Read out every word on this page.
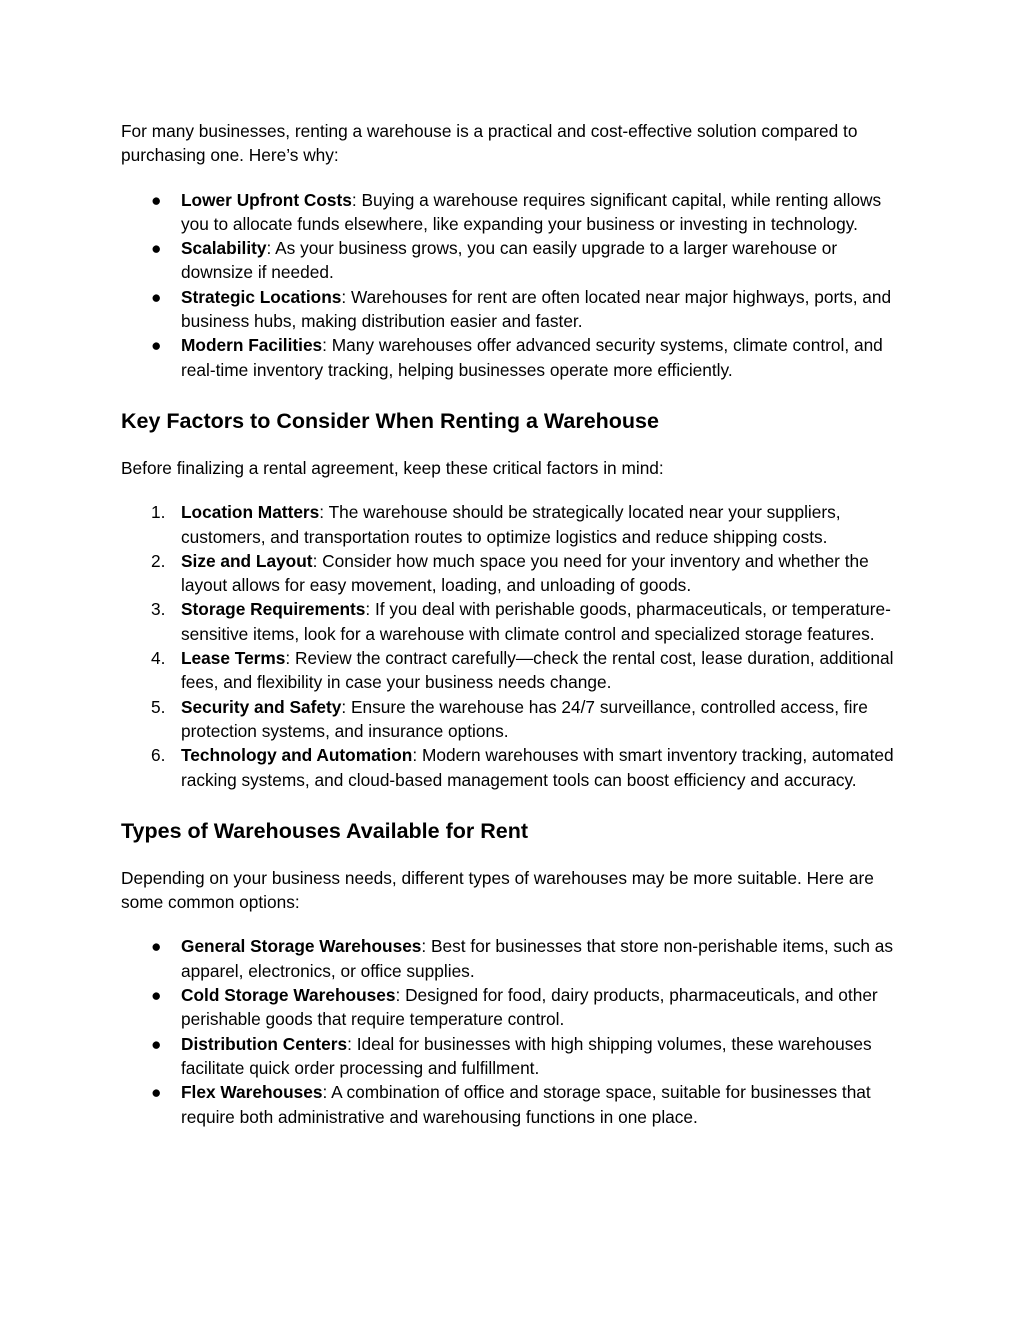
For many businesses, renting a warehouse is a practical and cost-effective solution compared to purchasing one. Here’s why:

● Lower Upfront Costs: Buying a warehouse requires significant capital, while renting allows you to allocate funds elsewhere, like expanding your business or investing in technology.
● Scalability: As your business grows, you can easily upgrade to a larger warehouse or downsize if needed.
● Strategic Locations: Warehouses for rent are often located near major highways, ports, and business hubs, making distribution easier and faster.
● Modern Facilities: Many warehouses offer advanced security systems, climate control, and real-time inventory tracking, helping businesses operate more efficiently.
Key Factors to Consider When Renting a Warehouse

Before finalizing a rental agreement, keep these critical factors in mind:

1. Location Matters: The warehouse should be strategically located near your suppliers, customers, and transportation routes to optimize logistics and reduce shipping costs.
2. Size and Layout: Consider how much space you need for your inventory and whether the layout allows for easy movement, loading, and unloading of goods.
3. Storage Requirements: If you deal with perishable goods, pharmaceuticals, or temperature-sensitive items, look for a warehouse with climate control and specialized storage features.
4. Lease Terms: Review the contract carefully—check the rental cost, lease duration, additional fees, and flexibility in case your business needs change.
5. Security and Safety: Ensure the warehouse has 24/7 surveillance, controlled access, fire protection systems, and insurance options.
6. Technology and Automation: Modern warehouses with smart inventory tracking, automated racking systems, and cloud-based management tools can boost efficiency and accuracy.
Types of Warehouses Available for Rent

Depending on your business needs, different types of warehouses may be more suitable. Here are some common options:

● General Storage Warehouses: Best for businesses that store non-perishable items, such as apparel, electronics, or office supplies.
● Cold Storage Warehouses: Designed for food, dairy products, pharmaceuticals, and other perishable goods that require temperature control.
● Distribution Centers: Ideal for businesses with high shipping volumes, these warehouses facilitate quick order processing and fulfillment.
● Flex Warehouses: A combination of office and storage space, suitable for businesses that require both administrative and warehousing functions in one place.
